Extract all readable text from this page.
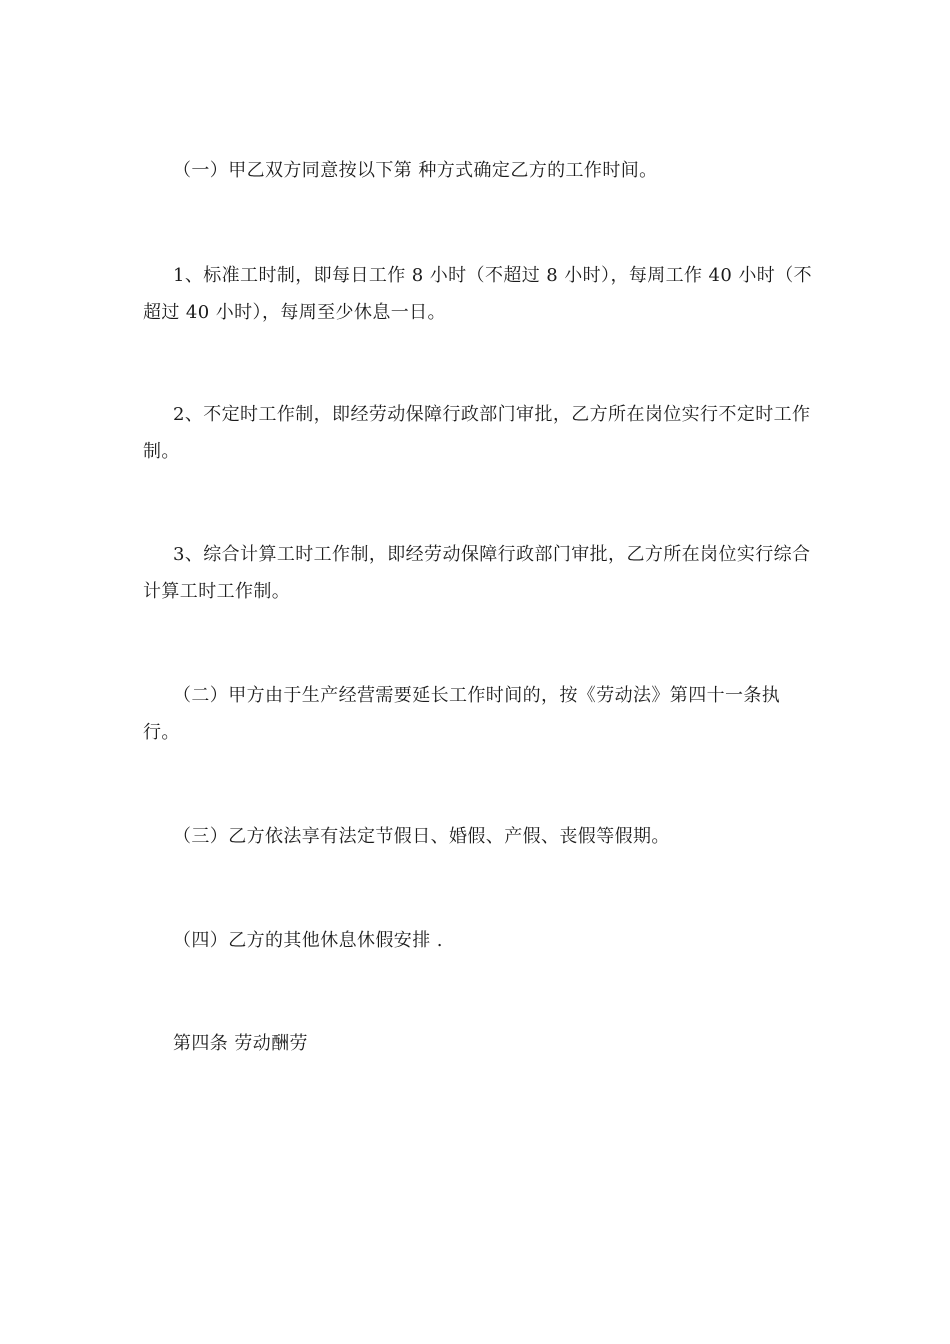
（一）甲乙双方同意按以下第 种方式确定乙方的工作时间。

1、标准工时制，即每日工作 8 小时（不超过 8 小时），每周工作 40 小时（不超过 40 小时），每周至少休息一日。

2、不定时工作制，即经劳动保障行政部门审批，乙方所在岗位实行不定时工作制。

3、综合计算工时工作制，即经劳动保障行政部门审批，乙方所在岗位实行综合计算工时工作制。

（二）甲方由于生产经营需要延长工作时间的，按《劳动法》第四十一条执行。

（三）乙方依法享有法定节假日、婚假、产假、丧假等假期。

（四）乙方的其他休息休假安排 .

第四条 劳动酬劳
